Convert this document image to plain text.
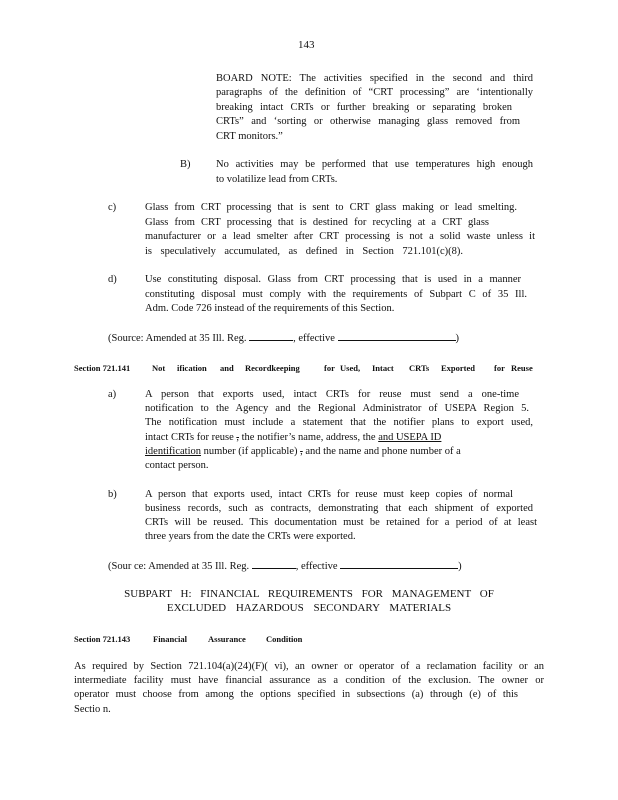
143
BOARD NOTE: The activities specified in the second and third
paragraphs of the definition of “CRT processing” are ‘intentionally
breaking intact CRTs or further breaking or separating broken
CRTs” and ‘sorting or otherwise managing glass removed from
CRT monitors.”
B) No activities may be performed that use temperatures high enough
to volatilize lead from CRTs.
c)	Glass from CRT processing that is sent to CRT glass making or lead smelting.
Glass from CRT processing that is destined for recycling at a CRT glass
manufacturer or a lead smelter after CRT processing is not a solid waste unless it
is speculatively accumulated, as defined in Section 721.101(c)(8).
d)	Use constituting disposal. Glass from CRT processing that is used in a manner
constituting disposal must comply with the requirements of Subpart C of 35 Ill.
Adm. Code 726 instead of the requirements of this Section.
(Source: Amended at 35 Ill. Reg.	, effective	)
Section 721.141	Not ification and Recordkeeping	for Used, Intact CRTs Exported for Reuse
a)	A person that exports used, intact CRTs for reuse must send a one-time
notification to the Agency and the Regional Administrator of USEPA Region 5.
The notification must include a statement that the notifier plans to export used,
intact CRTs for reuse , the notifier’s name, address, the and USEPA ID
identification number (if applicable) , and the name and phone number of a
contact person.
b)	A person that exports used, intact CRTs for reuse must keep copies of normal
business records, such as contracts, demonstrating that each shipment of exported
CRTs will be reused. This documentation must be retained for a period of at least
three years from the date the CRTs were exported.
(Sour ce: Amended at 35 Ill. Reg.	, effective	)
SUBPART H: FINANCIAL REQUIREMENTS FOR MANAGEMENT OF
EXCLUDED HAZARDOUS SECONDARY MATERIALS
Section 721.143	Financial Assurance Condition
As required by Section 721.104(a)(24)(F)( vi), an owner or operator of a reclamation facility or an
intermediate facility must have financial assurance as a condition of the exclusion. The owner or
operator must choose from among the options specified in subsections (a) through (e) of this
Sectio n.
